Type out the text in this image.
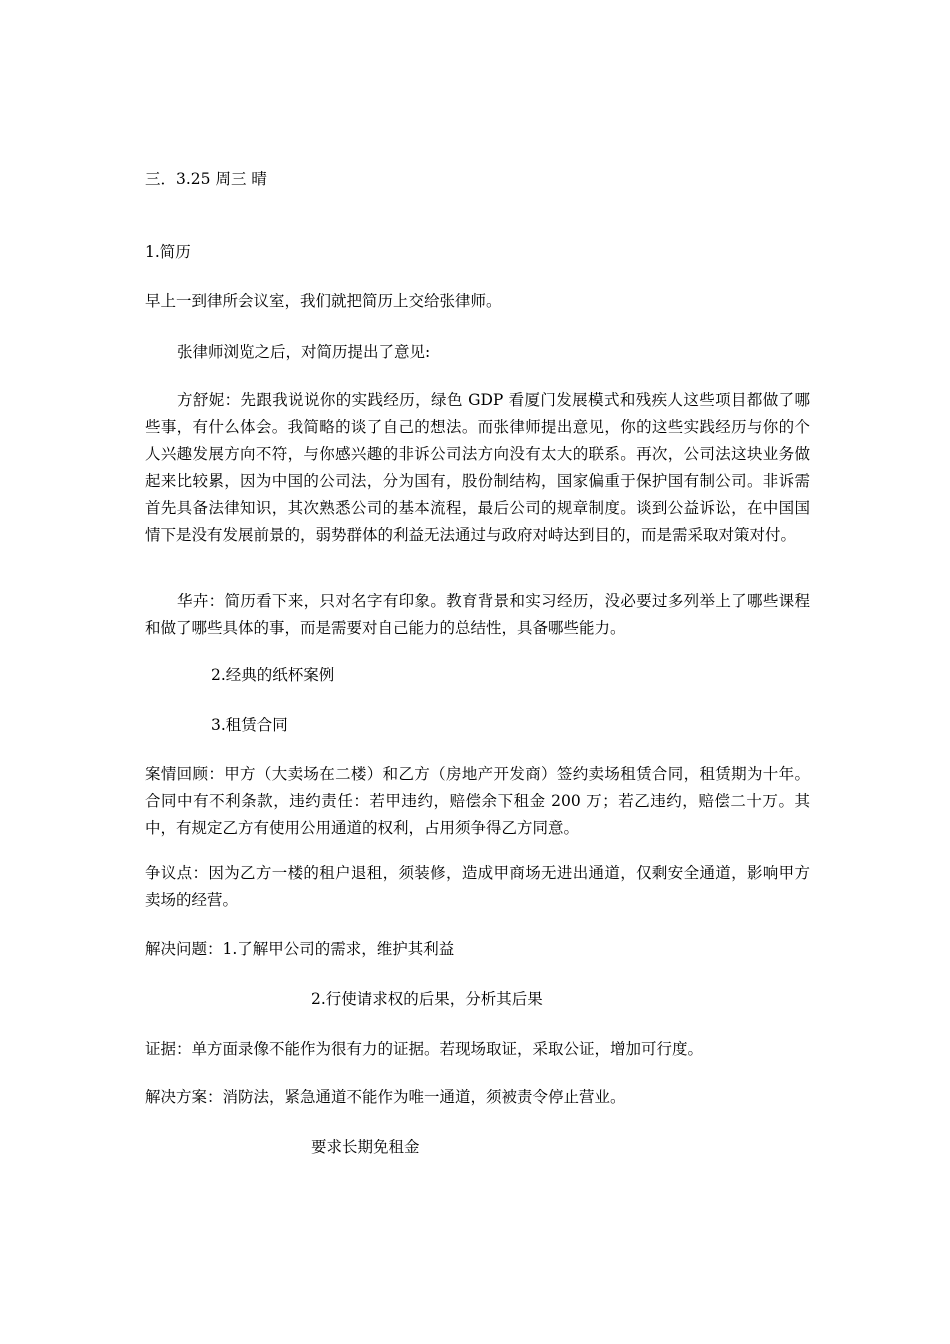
三．3.25 周三 晴

1.简历

早上一到律所会议室，我们就把简历上交给张律师。

张律师浏览之后，对简历提出了意见:

方舒妮：先跟我说说你的实践经历，绿色 GDP 看厦门发展模式和残疾人这些项目都做了哪些事，有什么体会。我简略的谈了自己的想法。而张律师提出意见，你的这些实践经历与你的个人兴趣发展方向不符，与你感兴趣的非诉公司法方向没有太大的联系。再次，公司法这块业务做起来比较累，因为中国的公司法，分为国有，股份制结构，国家偏重于保护国有制公司。非诉需首先具备法律知识，其次熟悉公司的基本流程，最后公司的规章制度。谈到公益诉讼，在中国国情下是没有发展前景的，弱势群体的利益无法通过与政府对峙达到目的，而是需采取对策对付。

华卉：简历看下来，只对名字有印象。教育背景和实习经历，没必要过多列举上了哪些课程和做了哪些具体的事，而是需要对自己能力的总结性，具备哪些能力。

2.经典的纸杯案例

3.租赁合同

案情回顾：甲方（大卖场在二楼）和乙方（房地产开发商）签约卖场租赁合同，租赁期为十年。合同中有不利条款，违约责任：若甲违约，赔偿余下租金 200 万；若乙违约，赔偿二十万。其中，有规定乙方有使用公用通道的权利，占用须争得乙方同意。

争议点：因为乙方一楼的租户退租，须装修，造成甲商场无进出通道，仅剩安全通道，影响甲方卖场的经营。

解决问题：1.了解甲公司的需求，维护其利益

2.行使请求权的后果，分析其后果

证据：单方面录像不能作为很有力的证据。若现场取证，采取公证，增加可行度。

解决方案：消防法，紧急通道不能作为唯一通道，须被责令停止营业。

要求长期免租金
